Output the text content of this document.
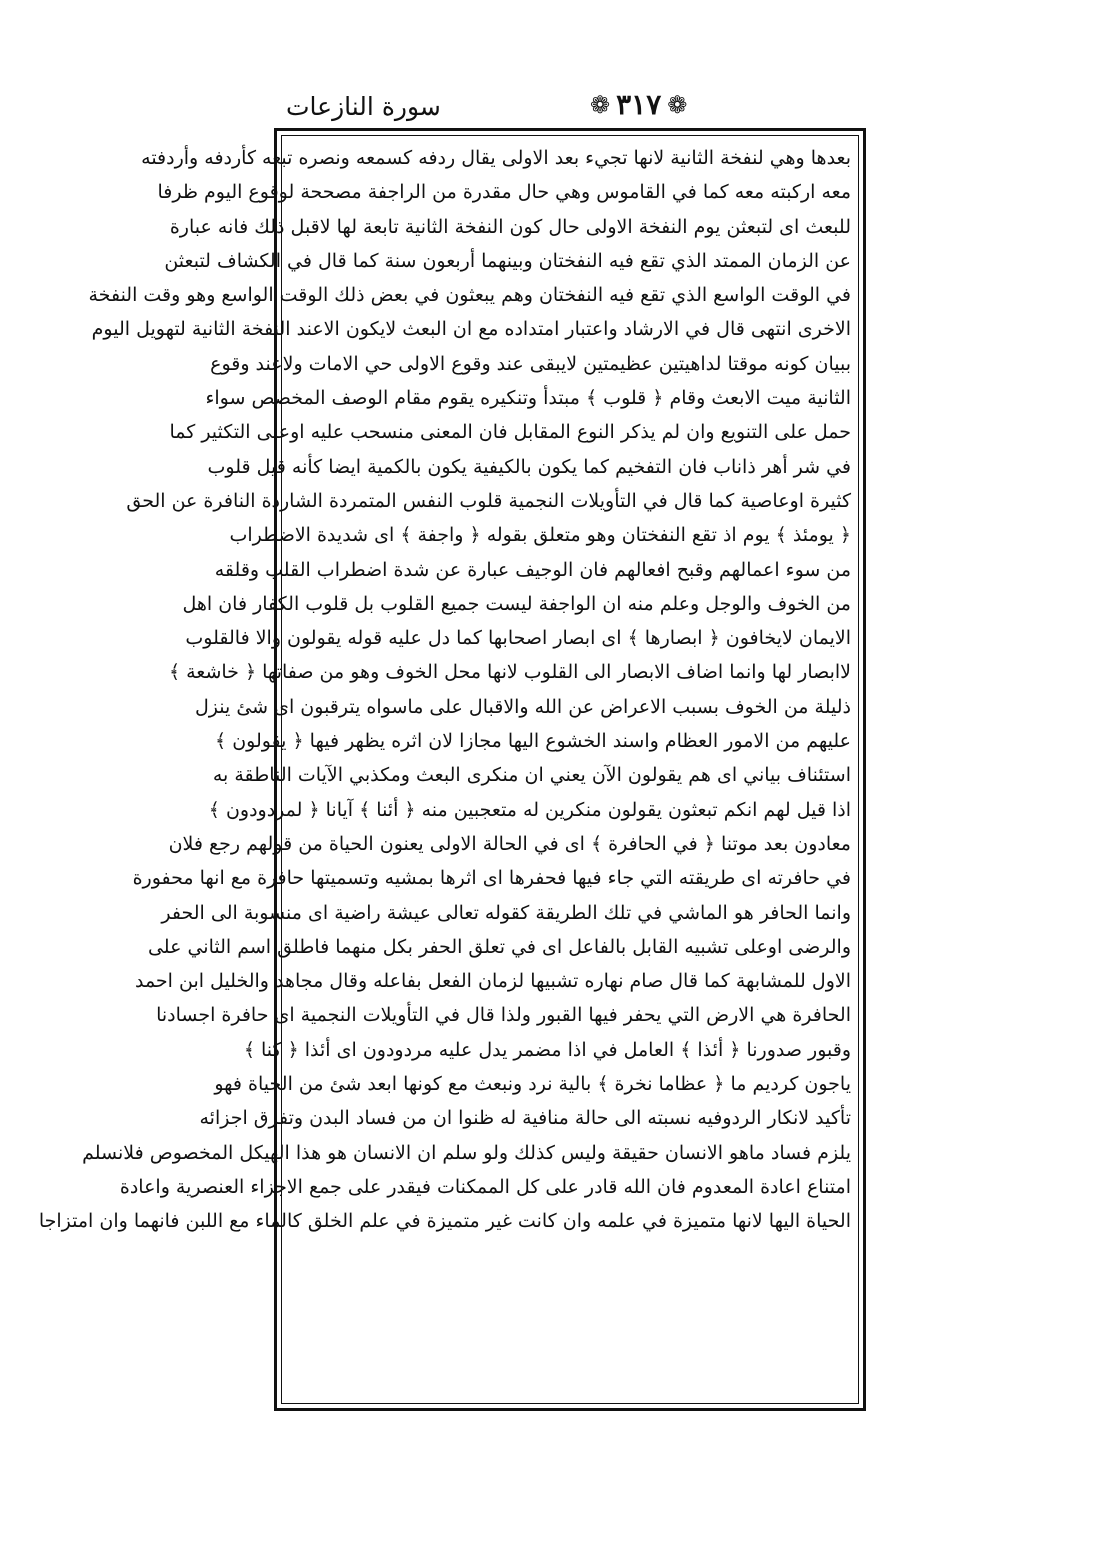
سورة النازعات	❁ ٣١٧ ❁
بعدها وهي لنفخة الثانية لانها تجيء بعد الاولى يقال ردفه كسمعه ونصره تبعه كأردفه وأردفته
معه اركبته معه كما في القاموس وهي حال مقدرة من الراجفة مصححة لوقوع اليوم ظرفا
للبعث اى لتبعثن يوم النفخة الاولى حال كون النفخة الثانية تابعة لها لاقبل ذلك فانه عبارة
عن الزمان الممتد الذي تقع فيه النفختان وبينهما أربعون سنة كما قال في الكشاف لتبعثن
في الوقت الواسع الذي تقع فيه النفختان وهم يبعثون في بعض ذلك الوقت الواسع وهو وقت النفخة
الاخرى انتهى قال في الارشاد واعتبار امتداده مع ان البعث لايكون الاعند النفخة الثانية لتهويل اليوم
ببيان كونه موقتا لداهيتين عظيمتين لايبقى عند وقوع الاولى حي الامات ولاعند وقوع
الثانية ميت الابعث وقام ﴿ قلوب ﴾ مبتدأ وتنكيره يقوم مقام الوصف المخصص سواء
حمل على التنويع وان لم يذكر النوع المقابل فان المعنى منسحب عليه اوعلى التكثير كما
في شر أهر ذاناب فان التفخيم كما يكون بالكيفية يكون بالكمية ايضا كأنه قيل قلوب
كثيرة اوعاصية كما قال في التأويلات النجمية قلوب النفس المتمردة الشاردة النافرة عن الحق
﴿ يومئذ ﴾ يوم اذ تقع النفختان وهو متعلق بقوله ﴿ واجفة ﴾ اى شديدة الاضطراب
من سوء اعمالهم وقبح افعالهم فان الوجيف عبارة عن شدة اضطراب القلب وقلقه
من الخوف والوجل وعلم منه ان الواجفة ليست جميع القلوب بل قلوب الكفار فان اهل
الايمان لايخافون ﴿ ابصارها ﴾ اى ابصار اصحابها كما دل عليه قوله يقولون والا فالقلوب
لاابصار لها وانما اضاف الابصار الى القلوب لانها محل الخوف وهو من صفاتها ﴿ خاشعة ﴾
ذليلة من الخوف بسبب الاعراض عن الله والاقبال على ماسواه يترقبون اى شئ ينزل
عليهم من الامور العظام واسند الخشوع اليها مجازا لان اثره يظهر فيها ﴿ يقولون ﴾
استئناف بياني اى هم يقولون الآن يعني ان منكرى البعث ومكذبي الآيات الناطقة به
اذا قيل لهم انكم تبعثون يقولون منكرين له متعجبين منه ﴿ أئنا ﴾ آيانا ﴿ لمردودون ﴾
معادون بعد موتنا ﴿ في الحافرة ﴾ اى في الحالة الاولى يعنون الحياة من قولهم رجع فلان
في حافرته اى طريقته التي جاء فيها فحفرها اى اثرها بمشيه وتسميتها حافرة مع انها محفورة
وانما الحافر هو الماشي في تلك الطريقة كقوله تعالى عيشة راضية اى منسوبة الى الحفر
والرضى اوعلى تشبيه القابل بالفاعل اى في تعلق الحفر بكل منهما فاطلق اسم الثاني على
الاول للمشابهة كما قال صام نهاره تشبيها لزمان الفعل بفاعله وقال مجاهد والخليل ابن احمد
الحافرة هي الارض التي يحفر فيها القبور ولذا قال في التأويلات النجمية اى حافرة اجسادنا
وقبور صدورنا ﴿ أئذا ﴾ العامل في اذا مضمر يدل عليه مردودون اى أئذا ﴿ كنا ﴾
ياجون كرديم ما ﴿ عظاما نخرة ﴾ بالية نرد ونبعث مع كونها ابعد شئ من الحياة فهو
تأكيد لانكار الردوفيه نسبته الى حالة منافية له ظنوا ان من فساد البدن وتفرق اجزائه
يلزم فساد ماهو الانسان حقيقة وليس كذلك ولو سلم ان الانسان هو هذا الهيكل المخصوص فلانسلم
امتناع اعادة المعدوم فان الله قادر على كل الممكنات فيقدر على جمع الاجزاء العنصرية واعادة
الحياة اليها لانها متميزة في علمه وان كانت غير متميزة في علم الخلق كالماء مع اللبن فانهما وان امتزاجا
